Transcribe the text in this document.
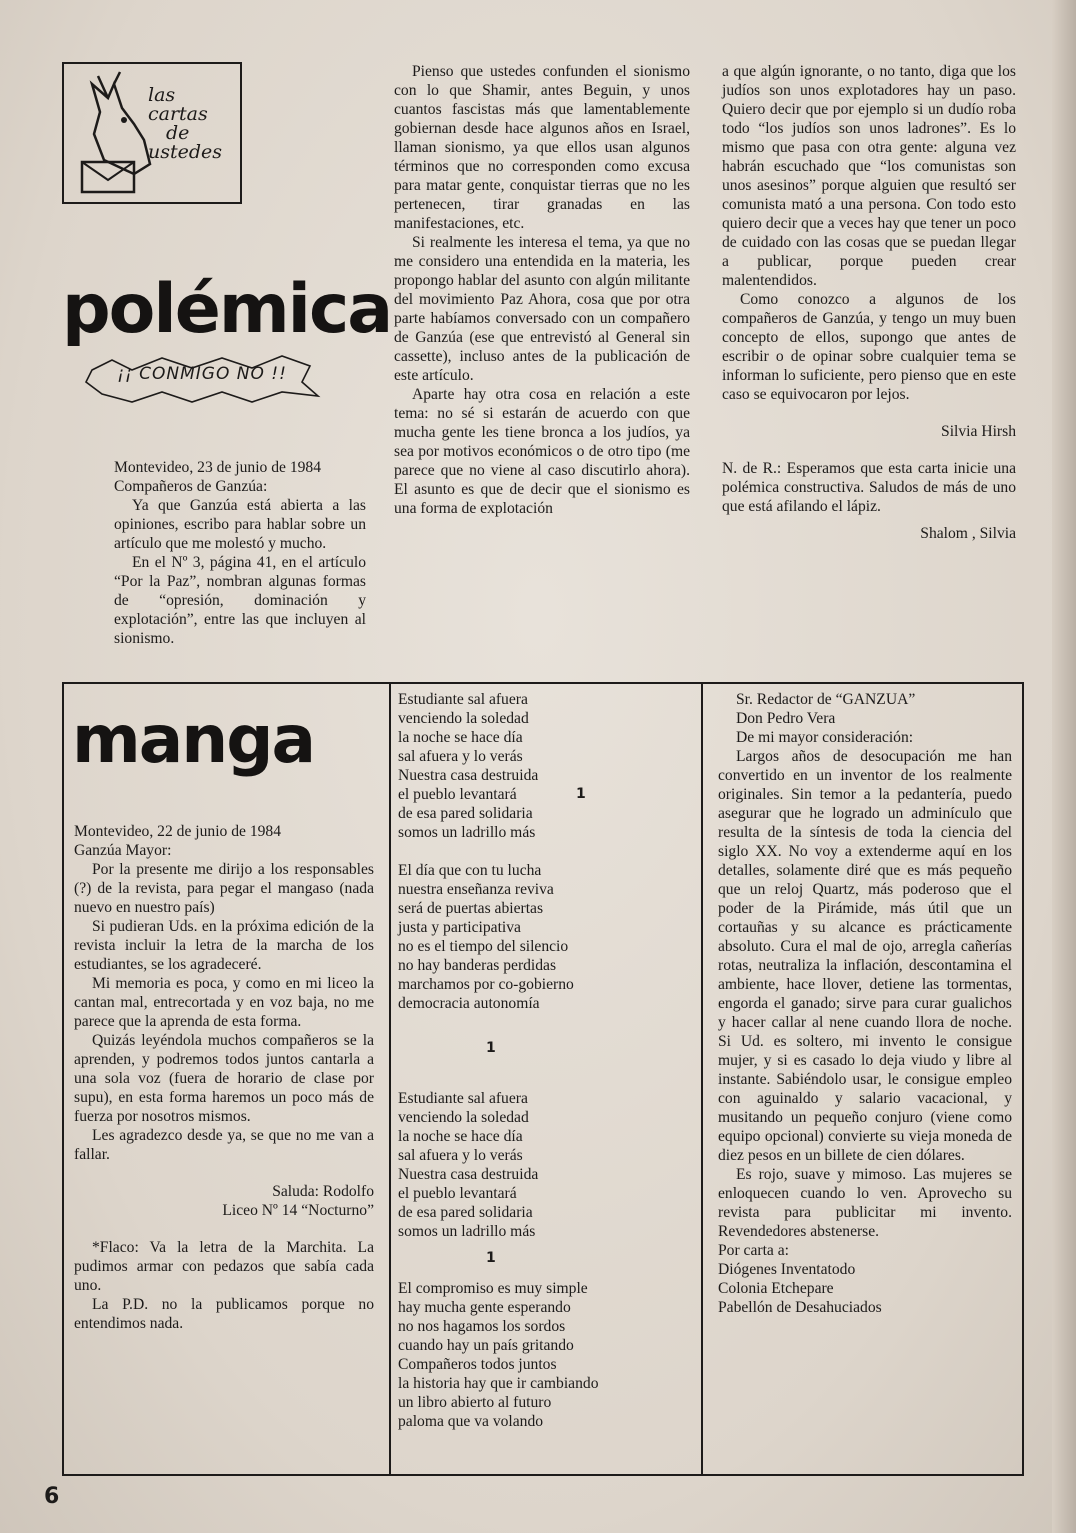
las
cartas
de
ustedes
polémica
¡¡ CONMIGO NO !!

Montevideo, 23 de junio de 1984

Compañeros de Ganzúa:

Ya que Ganzúa está abierta a las opiniones, escribo para hablar sobre un artículo que me molestó y mucho.

En el Nº 3, página 41, en el artículo “Por la Paz”, nombran algunas formas de “opresión, dominación y explotación”, entre las que incluyen al sionismo.

Pienso que ustedes confunden el sionismo con lo que Shamir, antes Beguin, y unos cuantos fascistas más que lamentablemente gobiernan desde hace algunos años en Israel, llaman sionismo, ya que ellos usan algunos términos que no corresponden como excusa para matar gente, conquistar tierras que no les pertenecen, tirar granadas en las manifestaciones, etc.

Si realmente les interesa el tema, ya que no me considero una entendida en la materia, les propongo hablar del asunto con algún militante del movimiento Paz Ahora, cosa que por otra parte habíamos conversado con un compañero de Ganzúa (ese que entrevistó al General sin cassette), incluso antes de la publicación de este artículo.

Aparte hay otra cosa en relación a este tema: no sé si estarán de acuerdo con que mucha gente les tiene bronca a los judíos, ya sea por motivos económicos o de otro tipo (me parece que no viene al caso discutirlo ahora). El asunto es que de decir que el sionismo es una forma de explotación

a que algún ignorante, o no tanto, diga que los judíos son unos explotadores hay un paso. Quiero decir que por ejemplo si un dudío roba todo “los judíos son unos ladrones”. Es lo mismo que pasa con otra gente: alguna vez habrán escuchado que “los comunistas son unos asesinos” porque alguien que resultó ser comunista mató a una persona. Con todo esto quiero decir que a veces hay que tener un poco de cuidado con las cosas que se puedan llegar a publicar, porque pueden crear malentendidos.

Como conozco a algunos de los compañeros de Ganzúa, y tengo un muy buen concepto de ellos, supongo que antes de escribir o de opinar sobre cualquier tema se informan lo suficiente, pero pienso que en este caso se equivocaron por lejos.

Silvia Hirsh

N. de R.: Esperamos que esta carta inicie una polémica constructiva. Saludos de más de uno que está afilando el lápiz.

Shalom , Silvia

manga

Montevideo, 22 de junio de 1984

Ganzúa Mayor:

Por la presente me dirijo a los responsables (?) de la revista, para pegar el mangaso (nada nuevo en nuestro país)

Si pudieran Uds. en la próxima edición de la revista incluir la letra de la marcha de los estudiantes, se los agradeceré.

Mi memoria es poca, y como en mi liceo la cantan mal, entrecortada y en voz baja, no me parece que la aprenda de esta forma.

Quizás leyéndola muchos compañeros se la aprenden, y podremos todos juntos cantarla a una sola voz (fuera de horario de clase por supu), en esta forma haremos un poco más de fuerza por nosotros mismos.

Les agradezco desde ya, se que no me van a fallar.

Saluda: Rodolfo

Liceo Nº 14 “Nocturno”

*Flaco: Va la letra de la Marchita. La pudimos armar con pedazos que sabía cada uno.

La P.D. no la publicamos porque no entendimos nada.

Estudiante sal afuera

venciendo la soledad

la noche se hace día

sal afuera y lo verás

Nuestra casa destruida

el pueblo levantará

de esa pared solidaria

somos un ladrillo más

El día que con tu lucha

nuestra enseñanza reviva

será de puertas abiertas

justa y participativa

no es el tiempo del silencio

no hay banderas perdidas

marchamos por co-gobierno

democracia autonomía

Estudiante sal afuera

venciendo la soledad

la noche se hace día

sal afuera y lo verás

Nuestra casa destruida

el pueblo levantará

de esa pared solidaria

somos un ladrillo más

El compromiso es muy simple

hay mucha gente esperando

no nos hagamos los sordos

cuando hay un país gritando

Compañeros todos juntos

la historia hay que ir cambiando

un libro abierto al futuro

paloma que va volando

1
1
1

Sr. Redactor de “GANZUA”

Don Pedro Vera

De mi mayor consideración:

Largos años de desocupación me han convertido en un inventor de los realmente originales. Sin temor a la pedantería, puedo asegurar que he logrado un adminículo que resulta de la síntesis de toda la ciencia del siglo XX. No voy a extenderme aquí en los detalles, solamente diré que es más pequeño que un reloj Quartz, más poderoso que el poder de la Pirámide, más útil que un cortauñas y su alcance es prácticamente absoluto. Cura el mal de ojo, arregla cañerías rotas, neutraliza la inflación, descontamina el ambiente, hace llover, detiene las tormentas, engorda el ganado; sirve para curar gualichos y hacer callar al nene cuando llora de noche. Si Ud. es soltero, mi invento le consigue mujer, y si es casado lo deja viudo y libre al instante. Sabiéndolo usar, le consigue empleo con aguinaldo y salario vacacional, y musitando un pequeño conjuro (viene como equipo opcional) convierte su vieja moneda de diez pesos en un billete de cien dólares.

Es rojo, suave y mimoso. Las mujeres se enloquecen cuando lo ven. Aprovecho su revista para publicitar mi invento. Revendedores abstenerse.

Por carta a:

Diógenes Inventatodo

Colonia Etchepare

Pabellón de Desahuciados

6
